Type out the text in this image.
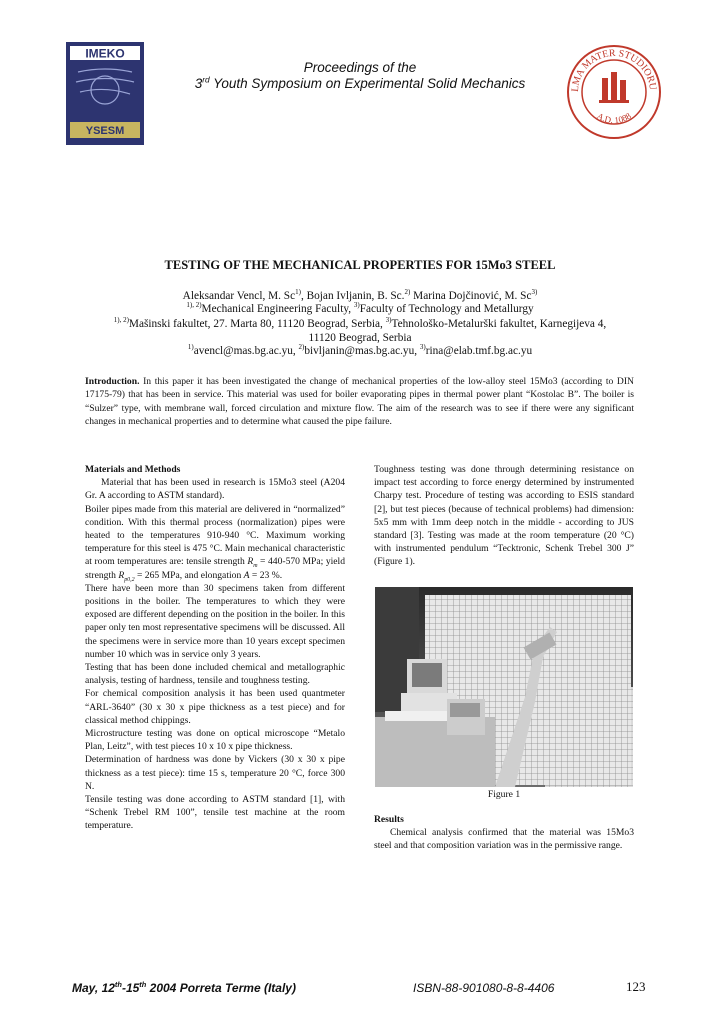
IMEKO
YSESM
Proceedings of the
3rd Youth Symposium on Experimental Solid Mechanics	LMA MATER STUDIORU
A.D. 1088
TESTING OF THE MECHANICAL PROPERTIES FOR 15Mo3 STEEL
Aleksandar Vencl, M. Sc$^{1)}$, Bojan Ivljanin, B. Sc.$^{2)}$ Marina Dojčinović, M. Sc$^{3)}$
$^{1), 2)}$Mechanical Engineering Faculty, $^{3)}$Faculty of Technology and Metallurgy
$^{1), 2)}$Mašinski fakultet, 27. Marta 80, 11120 Beograd, Serbia, $^{3)}$Tehnološko-Metalurški fakultet, Karnegijeva 4,
11120 Beograd, Serbia
$^{1)}$avencl@mas.bg.ac.yu, $^{2)}$bivljanin@mas.bg.ac.yu, $^{3)}$rina@elab.tmf.bg.ac.yu
Introduction. In this paper it has been investigated the change of mechanical properties of the low-alloy steel 15Mo3 (according to DIN 17175-79) that has been in service. This material was used for boiler evaporating pipes in thermal power plant “Kostolac B”. The boiler is “Sulzer” type, with membrane wall, forced circulation and mixture flow. The aim of the research was to see if there were any significant changes in mechanical properties and to determine what caused the pipe failure.

Materials and Methods

Material that has been used in research is 15Mo3 steel (A204 Gr. A according to ASTM standard).

Boiler pipes made from this material are delivered in “normalized” condition. With this thermal process (normalization) pipes were heated to the temperatures 910-940 °C. Maximum working temperature for this steel is 475 °C. Main mechanical characteristic at room temperatures are: tensile strength $R_m = 440-570$ MPa; yield strength $R_{p0,2} = 265$ MPa, and elongation A = 23 %.

There have been more than 30 specimens taken from different positions in the boiler. The temperatures to which they were exposed are different depending on the position in the boiler. In this paper only ten most representative specimens will be discussed. All the specimens were in service more than 10 years except specimen number 10 which was in service only 3 years.

Testing that has been done included chemical and metallographic analysis, testing of hardness, tensile and toughness testing.

For chemical composition analysis it has been used quantmeter “ARL-3640” (30 x 30 x pipe thickness as a test piece) and for classical method chippings.

Microstructure testing was done on optical microscope “Metalo Plan, Leitz”, with test pieces 10 x 10 x pipe thickness.

Determination of hardness was done by Vickers (30 x 30 x pipe thickness as a test piece): time 15 s, temperature 20 °C, force 300 N.

Tensile testing was done according to ASTM standard [1], with “Schenk Trebel RM 100”, tensile test machine at the room temperature.

Toughness testing was done through determining resistance on impact test according to force energy determined by instrumented Charpy test. Procedure of testing was according to ESIS standard [2], but test pieces (because of technical problems) had dimension: 5x5 mm with 1mm deep notch in the middle - according to JUS standard [3]. Testing was made at the room temperature (20 °C) with instrumented pendulum “Tecktronic, Schenk Trebel 300 J” (Figure 1).

Figure 1

Results

Chemical analysis confirmed that the material was 15Mo3 steel and that composition variation was in the permissive range.

May, 12th-15th 2004 Porreta Terme (Italy)	ISBN-88-901080-8-8-4406	123
